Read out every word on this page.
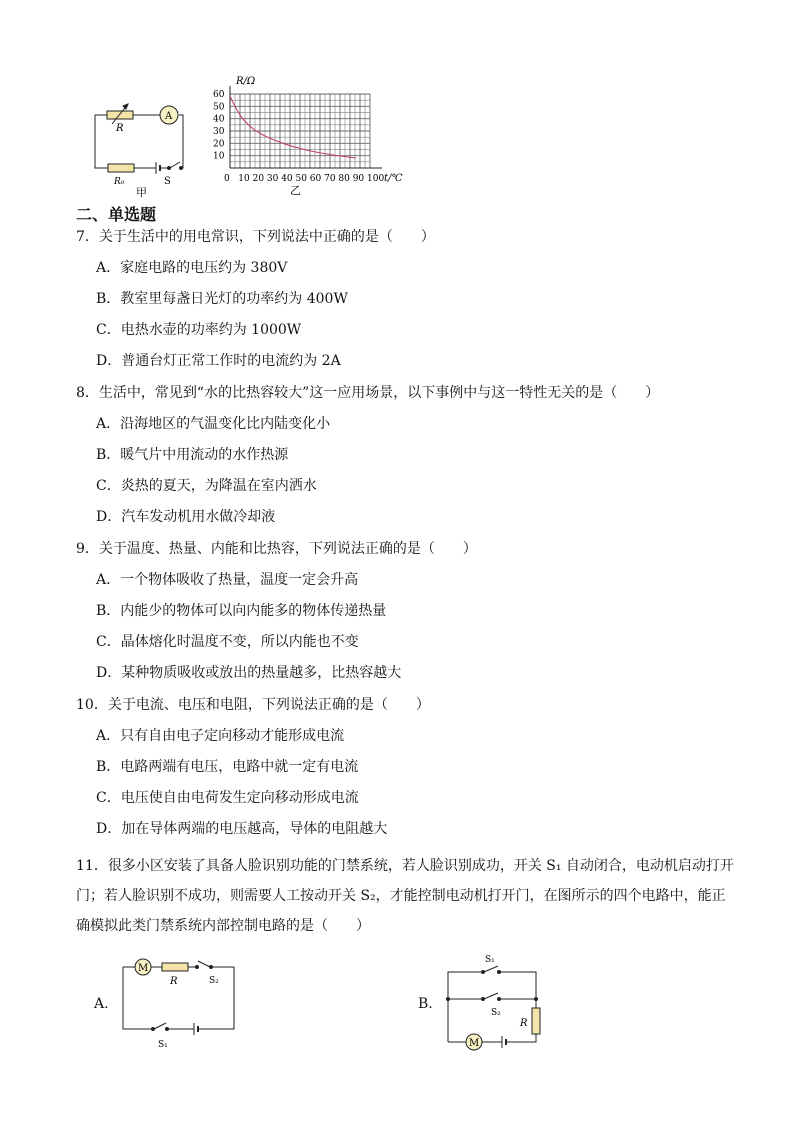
R
A
R₀	S
甲
60
50
40
30
20
10
0 10 20 30 40 50 60 70 80 90 100
R/Ω
t/℃
乙
二、单选题
7．关于生活中的用电常识，下列说法中正确的是（　　）
A．家庭电路的电压约为 380V
B．教室里每盏日光灯的功率约为 400W
C．电热水壶的功率约为 1000W
D．普通台灯正常工作时的电流约为 2A
8．生活中，常见到“水的比热容较大”这一应用场景，以下事例中与这一特性无关的是（　　）
A．沿海地区的气温变化比内陆变化小
B．暖气片中用流动的水作热源
C．炎热的夏天，为降温在室内洒水
D．汽车发动机用水做冷却液
9．关于温度、热量、内能和比热容，下列说法正确的是（　　）
A．一个物体吸收了热量，温度一定会升高
B．内能少的物体可以向内能多的物体传递热量
C．晶体熔化时温度不变，所以内能也不变
D．某种物质吸收或放出的热量越多，比热容越大
10．关于电流、电压和电阻，下列说法正确的是（　　）
A．只有自由电子定向移动才能形成电流
B．电路两端有电压，电路中就一定有电流
C．电压使自由电荷发生定向移动形成电流
D．加在导体两端的电压越高，导体的电阻越大
11．很多小区安装了具备人脸识别功能的门禁系统，若人脸识别成功，开关 S₁ 自动闭合，电动机启动打开
门；若人脸识别不成功，则需要人工按动开关 S₂，才能控制电动机打开门，在图所示的四个电路中，能正
确模拟此类门禁系统内部控制电路的是（　　）
A.
M
R	S₂
S₁
B.
S₁
S₂
R
M
